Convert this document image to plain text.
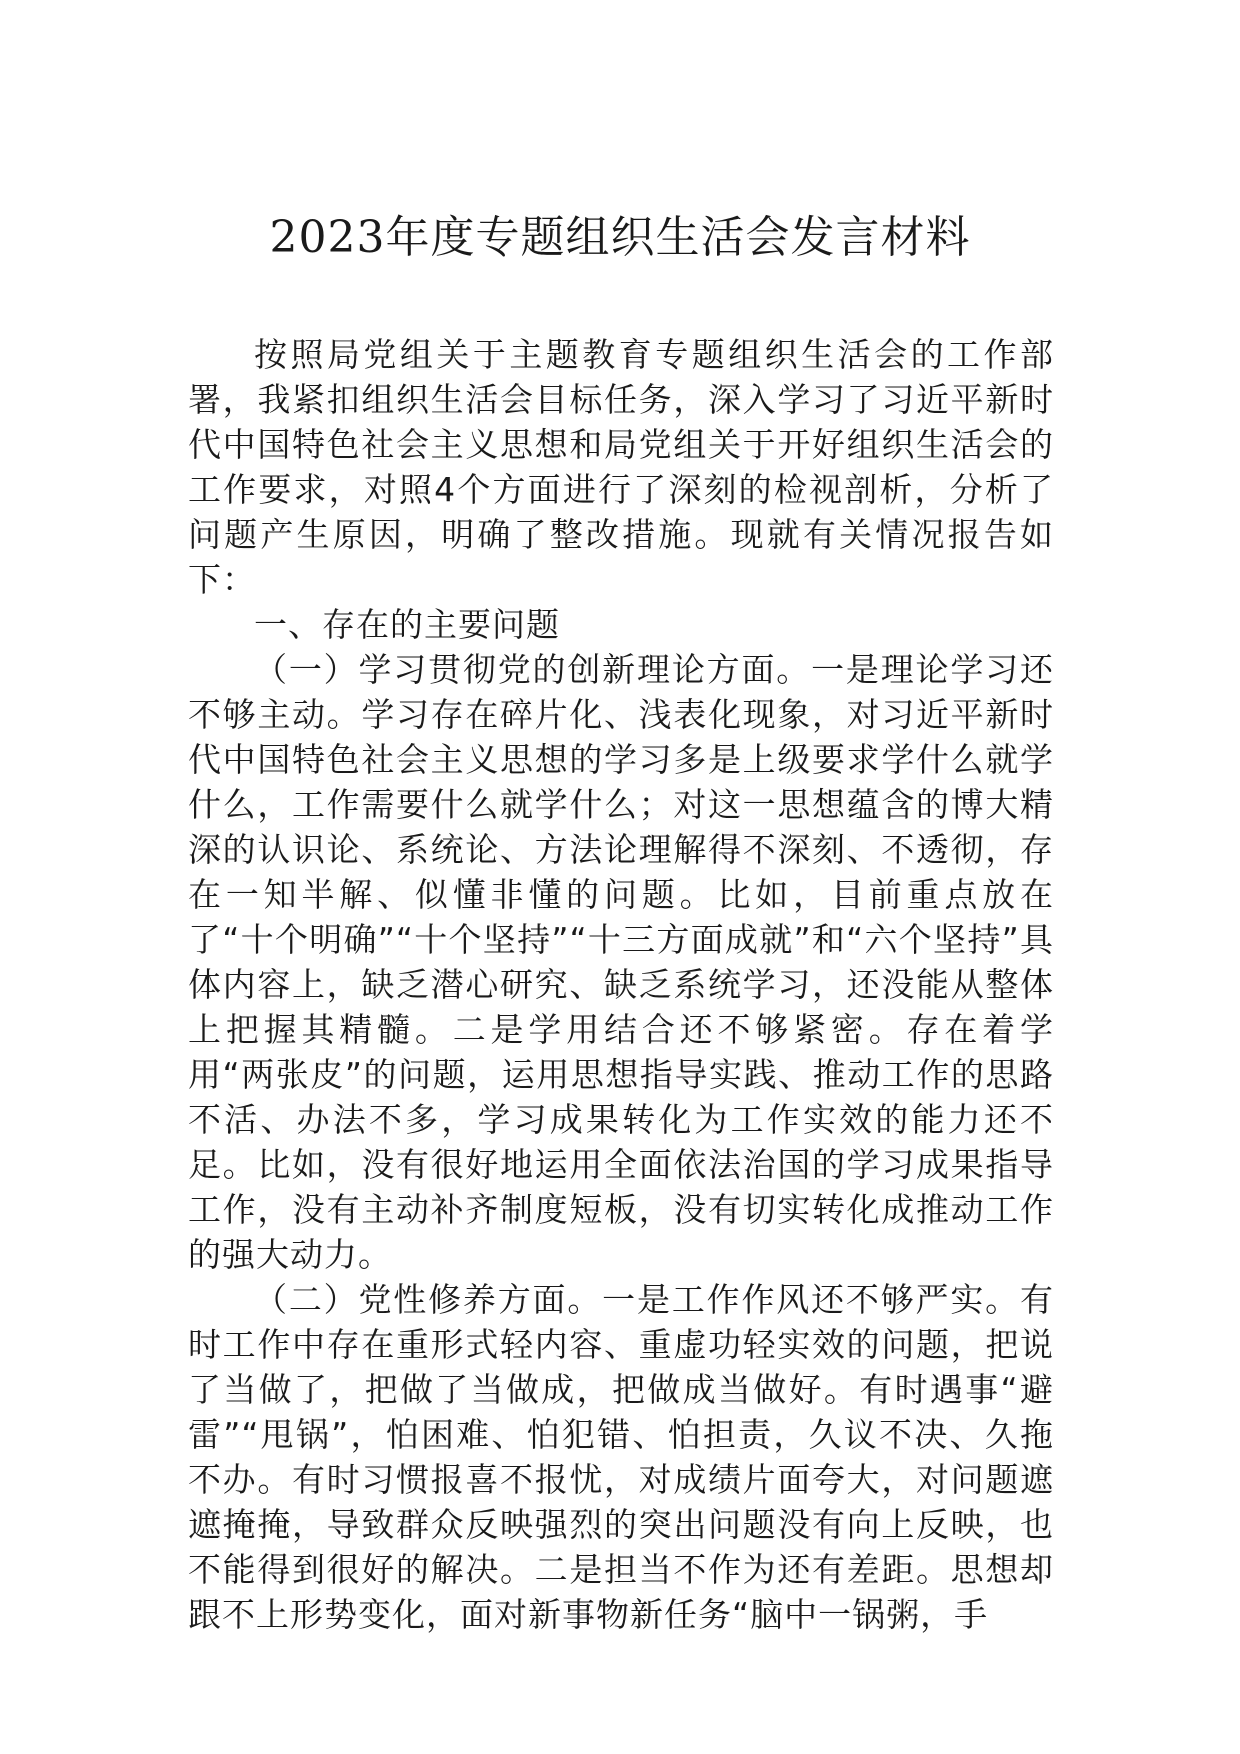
2023年度专题组织生活会发言材料

按照局党组关于主题教育专题组织生活会的工作部署，我紧扣组织生活会目标任务，深入学习了习近平新时代中国特色社会主义思想和局党组关于开好组织生活会的工作要求，对照4个方面进行了深刻的检视剖析，分析了问题产生原因，明确了整改措施。现就有关情况报告如下：

一、存在的主要问题

（一）学习贯彻党的创新理论方面。一是理论学习还不够主动。学习存在碎片化、浅表化现象，对习近平新时代中国特色社会主义思想的学习多是上级要求学什么就学什么，工作需要什么就学什么；对这一思想蕴含的博大精深的认识论、系统论、方法论理解得不深刻、不透彻，存在一知半解、似懂非懂的问题。比如，目前重点放在了“十个明确”“十个坚持”“十三方面成就”和“六个坚持”具体内容上，缺乏潜心研究、缺乏系统学习，还没能从整体上把握其精髓。二是学用结合还不够紧密。存在着学用“两张皮”的问题，运用思想指导实践、推动工作的思路不活、办法不多，学习成果转化为工作实效的能力还不足。比如，没有很好地运用全面依法治国的学习成果指导工作，没有主动补齐制度短板，没有切实转化成推动工作的强大动力。

（二）党性修养方面。一是工作作风还不够严实。有时工作中存在重形式轻内容、重虚功轻实效的问题，把说了当做了，把做了当做成，把做成当做好。有时遇事“避雷”“甩锅”，怕困难、怕犯错、怕担责，久议不决、久拖不办。有时习惯报喜不报忧，对成绩片面夸大，对问题遮遮掩掩，导致群众反映强烈的突出问题没有向上反映，也不能得到很好的解决。二是担当不作为还有差距。思想却跟不上形势变化，面对新事物新任务“脑中一锅粥，手
